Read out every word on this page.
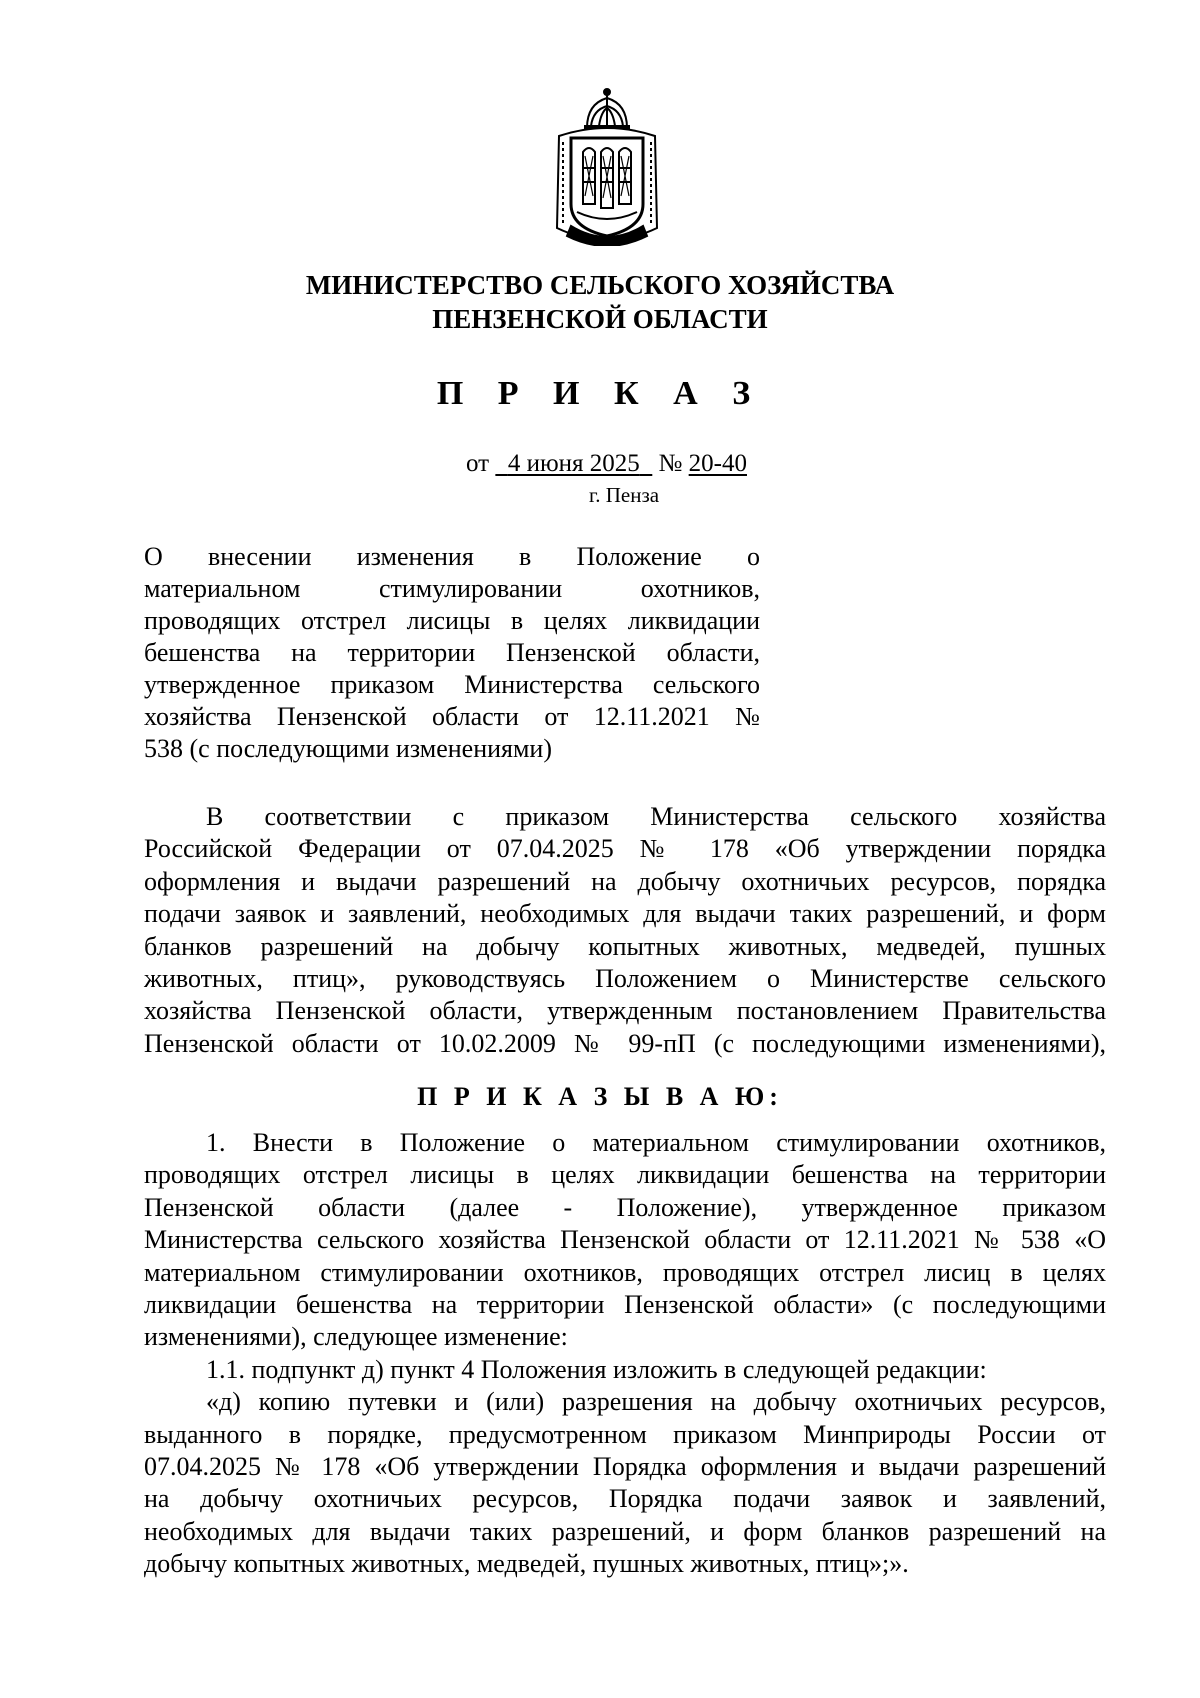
МИНИСТЕРСТВО СЕЛЬСКОГО ХОЗЯЙСТВА
ПЕНЗЕНСКОЙ ОБЛАСТИ
П Р И К А З
от 4 июня 2025 № 20-40
г. Пенза
О внесении изменения в Положение о
материальном стимулировании охотников,
проводящих отстрел лисицы в целях ликвидации
бешенства на территории Пензенской области,
утвержденное приказом Министерства сельского
хозяйства Пензенской области от 12.11.2021 №
538 (с последующими изменениями)
В соответствии с приказом Министерства сельского хозяйства
Российской Федерации от 07.04.2025 № 178 «Об утверждении порядка
оформления и выдачи разрешений на добычу охотничьих ресурсов, порядка
подачи заявок и заявлений, необходимых для выдачи таких разрешений, и форм
бланков разрешений на добычу копытных животных, медведей, пушных
животных, птиц», руководствуясь Положением о Министерстве сельского
хозяйства Пензенской области, утвержденным постановлением Правительства
Пензенской области от 10.02.2009 № 99-пП (с последующими изменениями),
П Р И К А З Ы В А Ю:
1. Внести в Положение о материальном стимулировании охотников,
проводящих отстрел лисицы в целях ликвидации бешенства на территории
Пензенской области (далее - Положение), утвержденное приказом
Министерства сельского хозяйства Пензенской области от 12.11.2021 № 538 «О
материальном стимулировании охотников, проводящих отстрел лисиц в целях
ликвидации бешенства на территории Пензенской области» (с последующими
изменениями), следующее изменение:
1.1. подпункт д) пункт 4 Положения изложить в следующей редакции:
«д) копию путевки и (или) разрешения на добычу охотничьих ресурсов,
выданного в порядке, предусмотренном приказом Минприроды России от
07.04.2025 № 178 «Об утверждении Порядка оформления и выдачи разрешений
на добычу охотничьих ресурсов, Порядка подачи заявок и заявлений,
необходимых для выдачи таких разрешений, и форм бланков разрешений на
добычу копытных животных, медведей, пушных животных, птиц»;».
